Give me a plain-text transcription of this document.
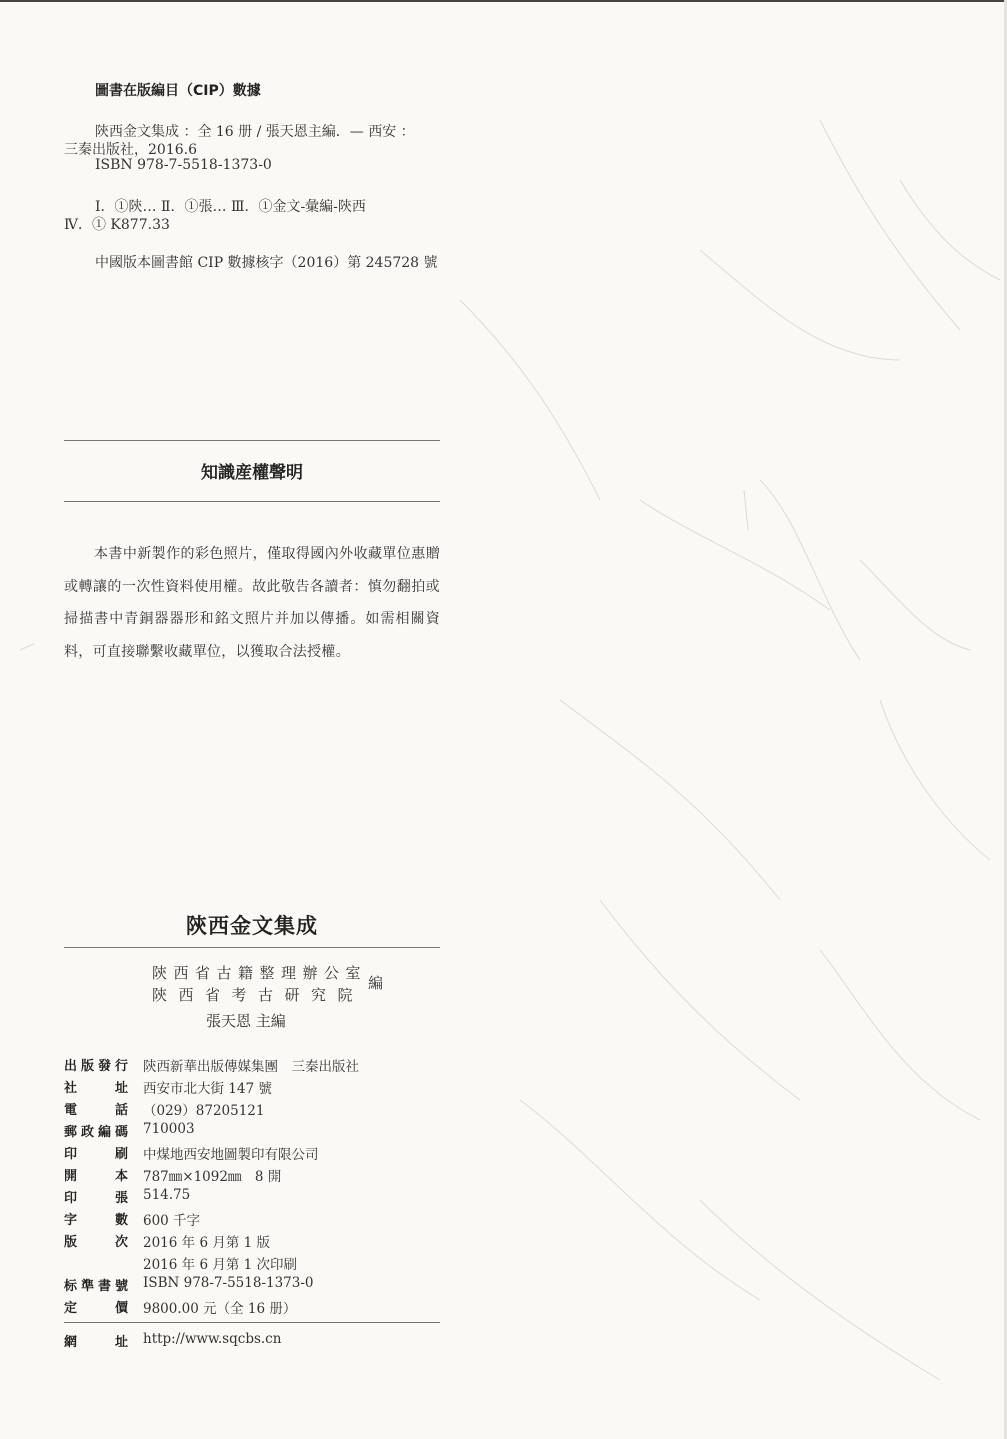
圖書在版編目（CIP）數據
陝西金文集成 ：全 16 册 / 張天恩主編．— 西安 ：
三秦出版社，2016.6
ISBN 978-7-5518-1373-0
Ⅰ．①陝… Ⅱ．①張… Ⅲ．①金文-彙編-陝西
Ⅳ．① K877.33
中國版本圖書館 CIP 數據核字（2016）第 245728 號
知識産權聲明
本書中新製作的彩色照片，僅取得國內外收藏單位惠贈或轉讓的一次性資料使用權。故此敬告各讀者：慎勿翻拍或掃描書中青銅器器形和銘文照片并加以傳播。如需相關資料，可直接聯繫收藏單位，以獲取合法授權。
陝西金文集成
陝西省古籍整理辦公室
陝西省考古研究院
編
張天恩 主編
出版發行 陝西新華出版傳媒集團　三秦出版社
社址 西安市北大街 147 號
電話 （029）87205121
郵政編碼 710003
印刷 中煤地西安地圖製印有限公司
開本 787㎜×1092㎜　8 開
印張 514.75
字數 600 千字
版次 2016 年 6 月第 1 版
2016 年 6 月第 1 次印刷
标準書號 ISBN 978-7-5518-1373-0
定價 9800.00 元（全 16 册）
網址 http://www.sqcbs.cn
